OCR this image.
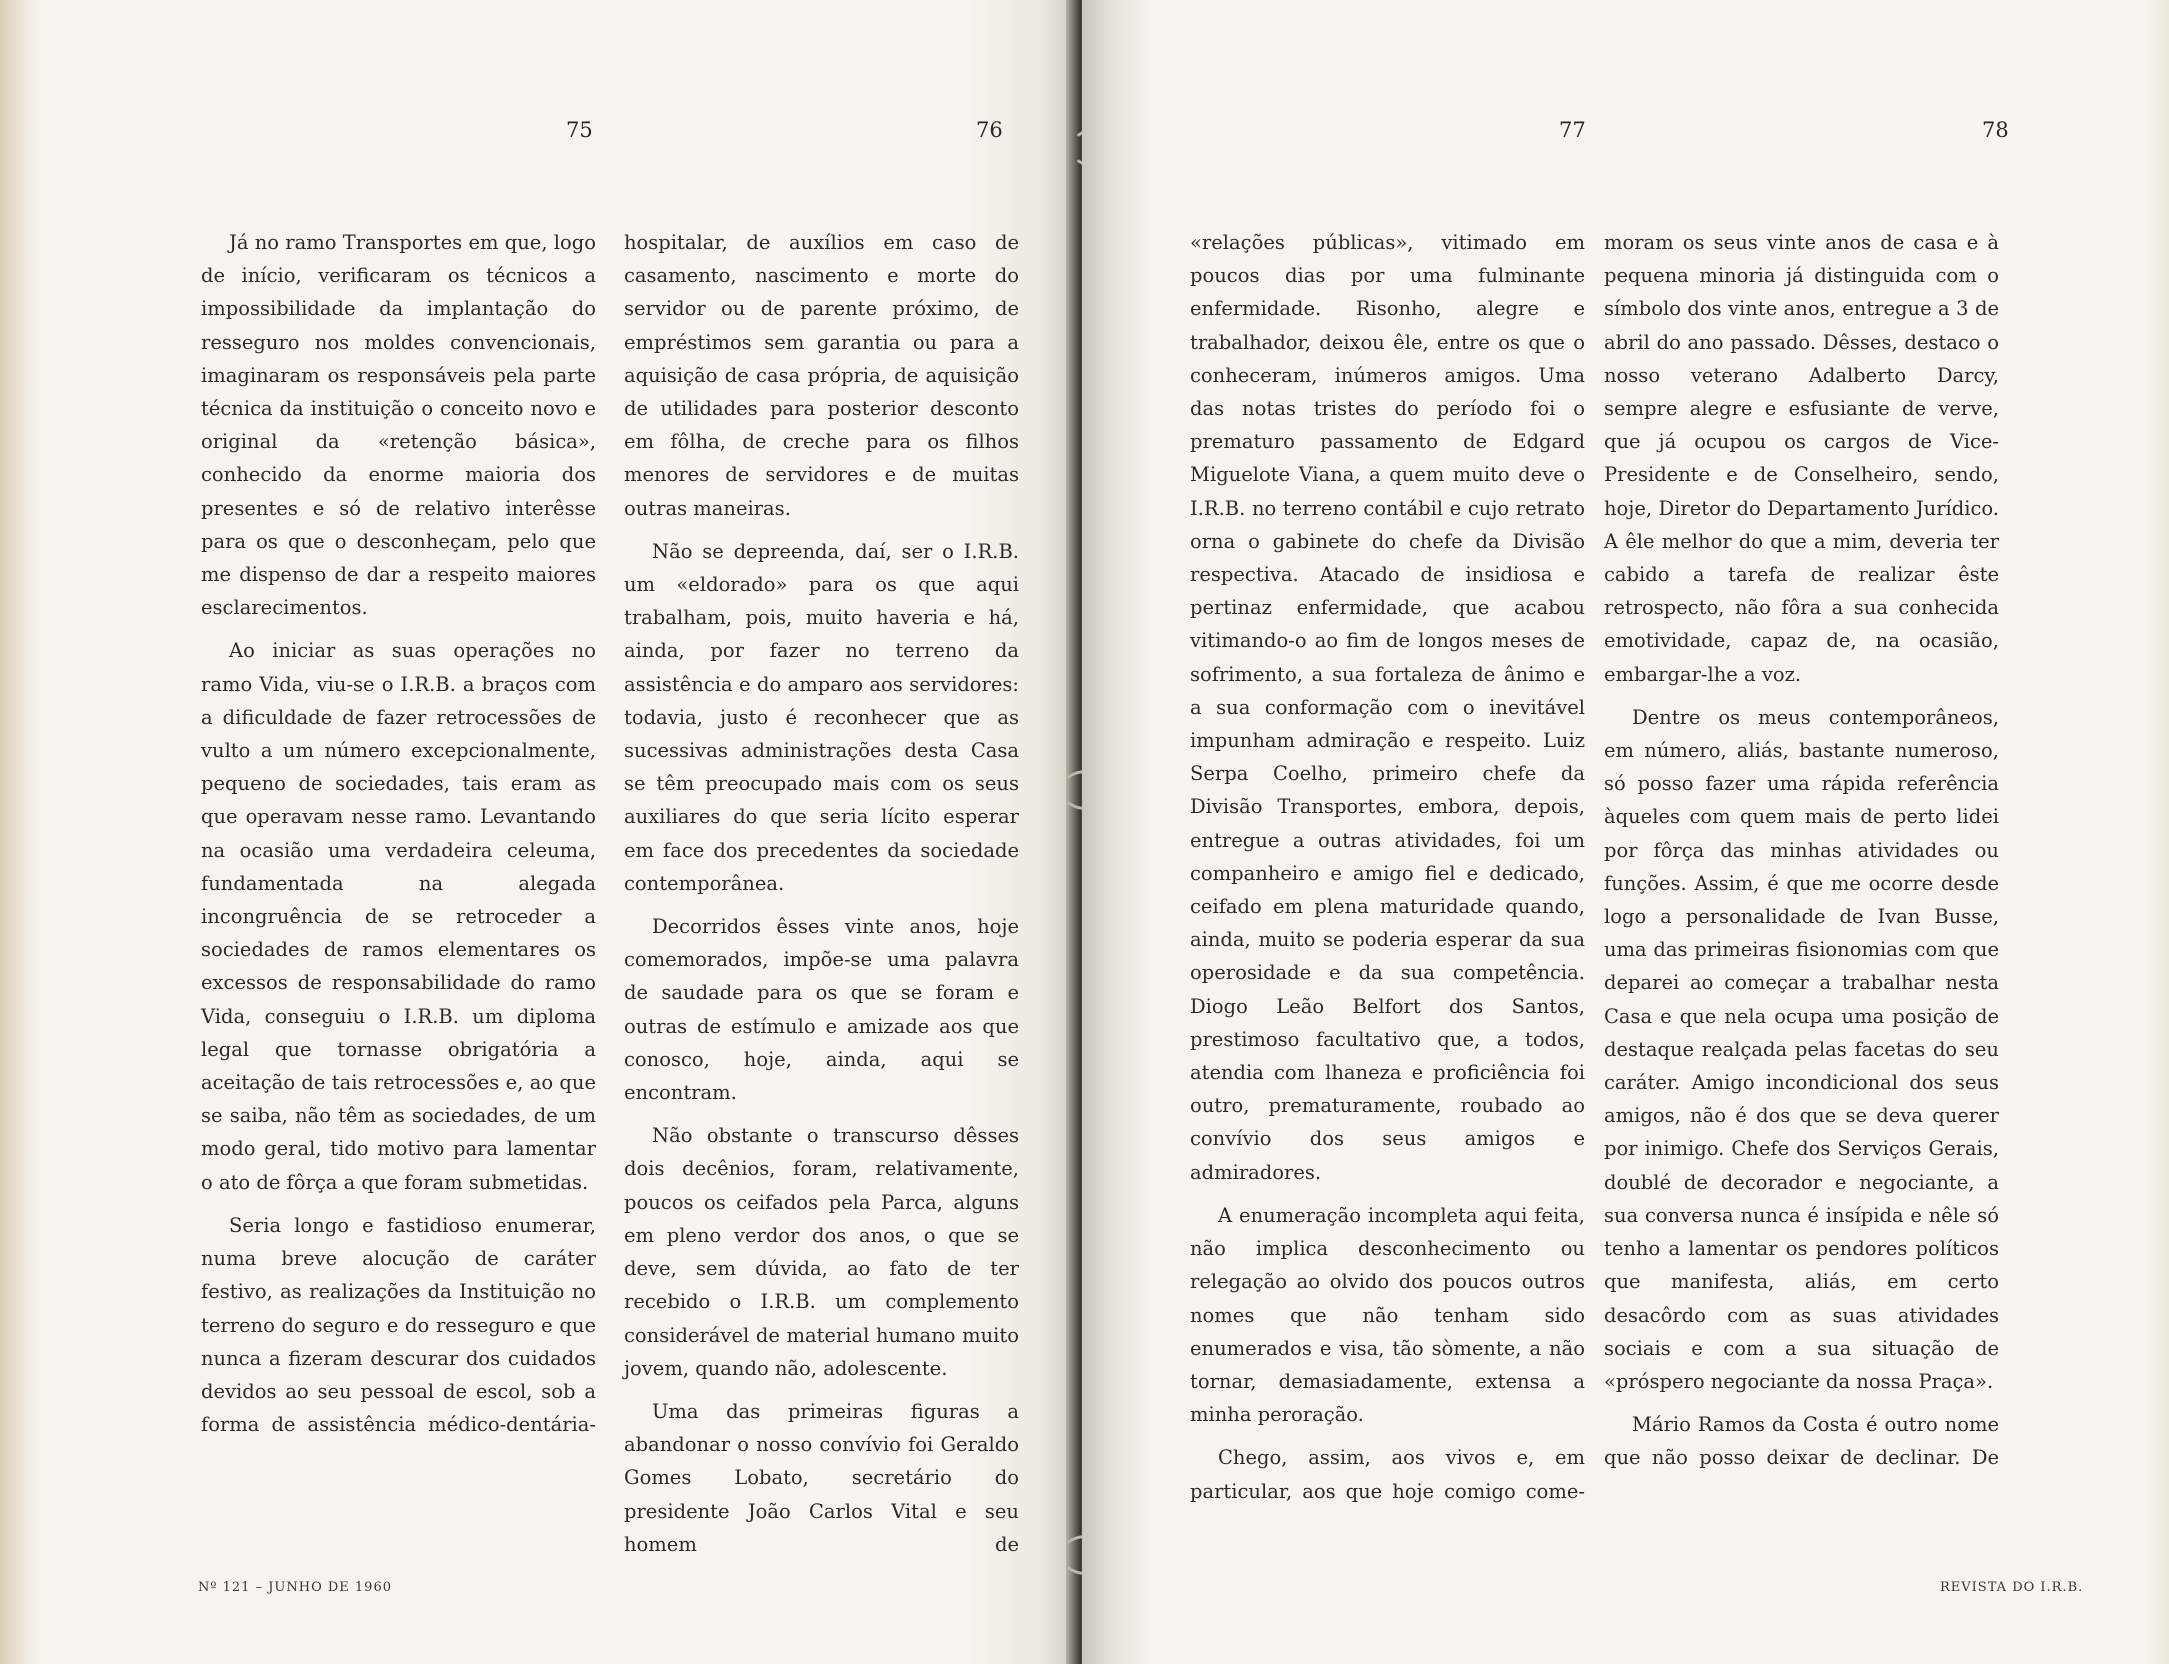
75	76

Já no ramo Transportes em que, logo de início, verificaram os técnicos a impossibilidade da implantação do resseguro nos moldes convencionais, imaginaram os responsáveis pela parte técnica da instituição o conceito novo e original da «retenção básica», conhecido da enorme maioria dos presentes e só de relativo interêsse para os que o desconheçam, pelo que me dispenso de dar a respeito maiores esclarecimentos.

Ao iniciar as suas operações no ramo Vida, viu-se o I.R.B. a braços com a dificuldade de fazer retrocessões de vulto a um número excepcionalmente, pequeno de sociedades, tais eram as que operavam nesse ramo. Levantando na ocasião uma verdadeira celeuma, fundamentada na alegada incongruência de se retroceder a sociedades de ramos elementares os excessos de responsabilidade do ramo Vida, conseguiu o I.R.B. um diploma legal que tornasse obrigatória a aceitação de tais retrocessões e, ao que se saiba, não têm as sociedades, de um modo geral, tido motivo para lamentar o ato de fôrça a que foram submetidas.

Seria longo e fastidioso enumerar, numa breve alocução de caráter festivo, as realizações da Instituição no terreno do seguro e do resseguro e que nunca a fizeram descurar dos cuidados devidos ao seu pessoal de escol, sob a forma de assistência médico-dentária-

hospitalar, de auxílios em caso de casamento, nascimento e morte do servidor ou de parente próximo, de empréstimos sem garantia ou para a aquisição de casa própria, de aquisição de utilidades para posterior desconto em fôlha, de creche para os filhos menores de servidores e de muitas outras maneiras.

Não se depreenda, daí, ser o I.R.B. um «eldorado» para os que aqui trabalham, pois, muito haveria e há, ainda, por fazer no terreno da assistência e do amparo aos servidores: todavia, justo é reconhecer que as sucessivas administrações desta Casa se têm preocupado mais com os seus auxiliares do que seria lícito esperar em face dos precedentes da sociedade contemporânea.

Decorridos êsses vinte anos, hoje comemorados, impõe-se uma palavra de saudade para os que se foram e outras de estímulo e amizade aos que conosco, hoje, ainda, aqui se encontram.

Não obstante o transcurso dêsses dois decênios, foram, relativamente, poucos os ceifados pela Parca, alguns em pleno verdor dos anos, o que se deve, sem dúvida, ao fato de ter recebido o I.R.B. um complemento considerável de material humano muito jovem, quando não, adolescente.

Uma das primeiras figuras a abandonar o nosso convívio foi Geraldo Gomes Lobato, secretário do presidente João Carlos Vital e seu homem de

Nº 121 – JUNHO DE 1960

77	78

«relações públicas», vitimado em poucos dias por uma fulminante enfermidade. Risonho, alegre e trabalhador, deixou êle, entre os que o conheceram, inúmeros amigos. Uma das notas tristes do período foi o prematuro passamento de Edgard Miguelote Viana, a quem muito deve o I.R.B. no terreno contábil e cujo retrato orna o gabinete do chefe da Divisão respectiva. Atacado de insidiosa e pertinaz enfermidade, que acabou vitimando-o ao fim de longos meses de sofrimento, a sua fortaleza de ânimo e a sua conformação com o inevitável impunham admiração e respeito. Luiz Serpa Coelho, primeiro chefe da Divisão Transportes, embora, depois, entregue a outras atividades, foi um companheiro e amigo fiel e dedicado, ceifado em plena maturidade quando, ainda, muito se poderia esperar da sua operosidade e da sua competência. Diogo Leão Belfort dos Santos, prestimoso facultativo que, a todos, atendia com lhaneza e proficiência foi outro, prematuramente, roubado ao convívio dos seus amigos e admiradores.

A enumeração incompleta aqui feita, não implica desconhecimento ou relegação ao olvido dos poucos outros nomes que não tenham sido enumerados e visa, tão sòmente, a não tornar, demasiadamente, extensa a minha peroração.

Chego, assim, aos vivos e, em particular, aos que hoje comigo come-

moram os seus vinte anos de casa e à pequena minoria já distinguida com o símbolo dos vinte anos, entregue a 3 de abril do ano passado. Dêsses, destaco o nosso veterano Adalberto Darcy, sempre alegre e esfusiante de verve, que já ocupou os cargos de Vice-Presidente e de Conselheiro, sendo, hoje, Diretor do Departamento Jurídico. A êle melhor do que a mim, deveria ter cabido a tarefa de realizar êste retrospecto, não fôra a sua conhecida emotividade, capaz de, na ocasião, embargar-lhe a voz.

Dentre os meus contemporâneos, em número, aliás, bastante numeroso, só posso fazer uma rápida referência àqueles com quem mais de perto lidei por fôrça das minhas atividades ou funções. Assim, é que me ocorre desde logo a personalidade de Ivan Busse, uma das primeiras fisionomias com que deparei ao começar a trabalhar nesta Casa e que nela ocupa uma posição de destaque realçada pelas facetas do seu caráter. Amigo incondicional dos seus amigos, não é dos que se deva querer por inimigo. Chefe dos Serviços Gerais, doublé de decorador e negociante, a sua conversa nunca é insípida e nêle só tenho a lamentar os pendores políticos que manifesta, aliás, em certo desacôrdo com as suas atividades sociais e com a sua situação de «próspero negociante da nossa Praça».

Mário Ramos da Costa é outro nome que não posso deixar de declinar. De

REVISTA DO I.R.B.
